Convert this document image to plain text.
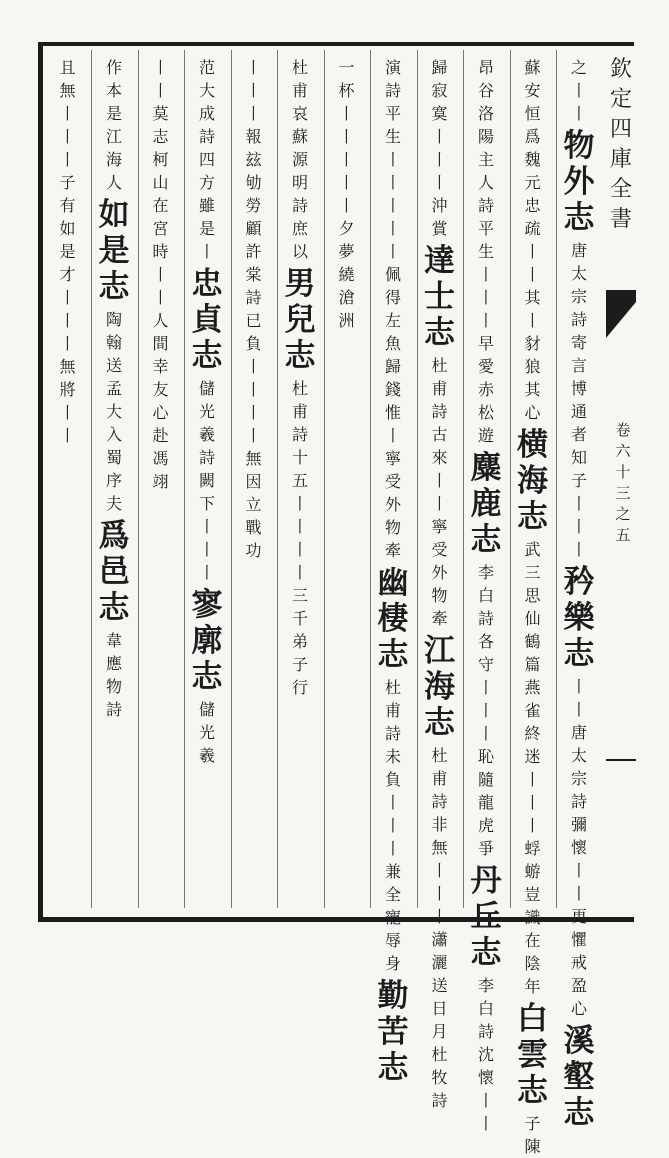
欽
定
四
庫
全
書
卷
六
十
三
之
五
之
丨
丨
物
外
志
唐
太
宗
詩
寄
言
博
通
者
知
子
丨
丨
丨
矜
樂
志
丨
丨
唐
太
宗
詩
彌
懷
丨
丨
更
懼
戒
盈
心
溪
壑
志
蘇
安
恒
爲
魏
元
忠
疏
丨
丨
其
丨
豺
狼
其
心
横
海
志
武
三
思
仙
鶴
篇
燕
雀
終
迷
丨
丨
丨
蜉
蝣
豈
識
在
陰
年
白
雲
志
子
陳
昂
谷
洛
陽
主
人
詩
平
生
丨
丨
丨
早
愛
赤
松
遊
麋
鹿
志
李
白
詩
各
守
丨
丨
丨
恥
隨
龍
虎
爭
丹
丘
志
李
白
詩
沈
懷
丨
丨
歸
寂
寞
丨
丨
丨
沖
賞
達
士
志
杜
甫
詩
古
來
丨
丨
寧
受
外
物
牽
江
海
志
杜
甫
詩
非
無
丨
丨
丨
瀟
灑
送
日
月
杜
牧
詩
演
詩
平
生
丨
丨
丨
丨
丨
佩
得
左
魚
歸
錢
惟
丨
寧
受
外
物
牽
幽
棲
志
杜
甫
詩
未
負
丨
丨
丨
兼
全
寵
辱
身
勤
苦
志
一
杯
丨
丨
丨
丨
丨
夕
夢
繞
滄
洲
杜
甫
哀
蘇
源
明
詩
庶
以
男
兒
志
杜
甫
詩
十
五
丨
丨
丨
丨
三
千
弟
子
行
丨
丨
丨
報
玆
劬
勞
顧
許
棠
詩
已
負
丨
丨
丨
丨
無
因
立
戰
功
范
大
成
詩
四
方
雖
是
丨
忠
貞
志
儲
光
羲
詩
闕
下
丨
丨
丨
寥
廓
志
儲
光
羲
丨
丨
莫
志
柯
山
在
宮
時
丨
丨
人
間
幸
友
心
赴
馮
翊
作
本
是
江
海
人
如
是
志
陶
翰
送
孟
大
入
蜀
序
夫
爲
邑
志
韋
應
物
詩
且
無
丨
丨
丨
子
有
如
是
才
丨
丨
丨
無
將
丨
丨
